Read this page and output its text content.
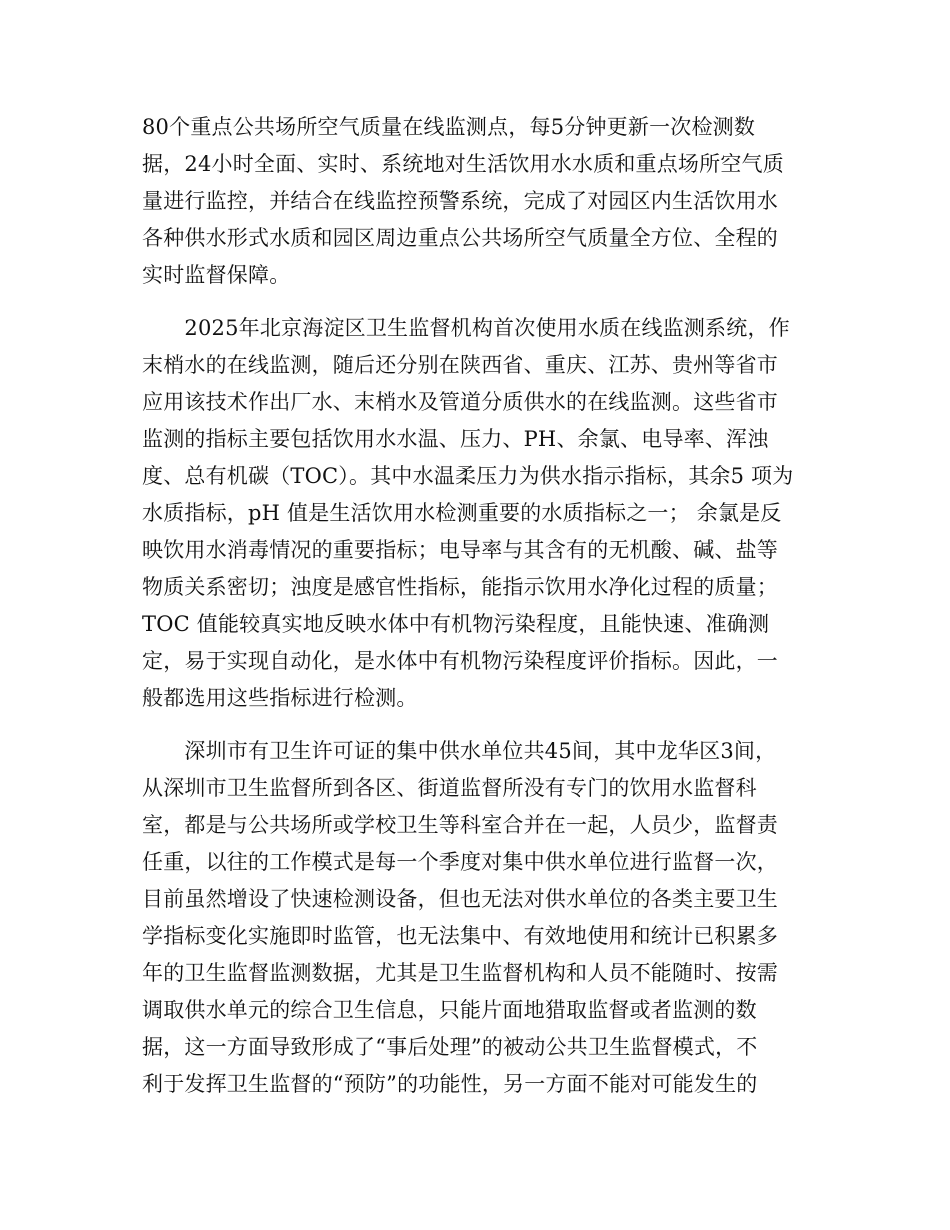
80个重点公共场所空气质量在线监测点，每5分钟更新一次检测数
据，24小时全面、实时、系统地对生活饮用水水质和重点场所空气质
量进行监控，并结合在线监控预警系统，完成了对园区内生活饮用水
各种供水形式水质和园区周边重点公共场所空气质量全方位、全程的
实时监督保障。
　　2025年北京海淀区卫生监督机构首次使用水质在线监测系统，作
末梢水的在线监测，随后还分别在陕西省、重庆、江苏、贵州等省市
应用该技术作出厂水、末梢水及管道分质供水的在线监测。这些省市
监测的指标主要包括饮用水水温、压力、PH、余氯、电导率、浑浊
度、总有机碳（TOC）。其中水温柔压力为供水指示指标，其余5 项为
水质指标，pH 值是生活饮用水检测重要的水质指标之一； 余氯是反
映饮用水消毒情况的重要指标；电导率与其含有的无机酸、碱、盐等
物质关系密切；浊度是感官性指标，能指示饮用水净化过程的质量；
TOC 值能较真实地反映水体中有机物污染程度，且能快速、准确测
定，易于实现自动化，是水体中有机物污染程度评价指标。因此，一
般都选用这些指标进行检测。
　　深圳市有卫生许可证的集中供水单位共45间，其中龙华区3间，
从深圳市卫生监督所到各区、街道监督所没有专门的饮用水监督科
室，都是与公共场所或学校卫生等科室合并在一起，人员少，监督责
任重，以往的工作模式是每一个季度对集中供水单位进行监督一次，
目前虽然增设了快速检测设备，但也无法对供水单位的各类主要卫生
学指标变化实施即时监管，也无法集中、有效地使用和统计已积累多
年的卫生监督监测数据，尤其是卫生监督机构和人员不能随时、按需
调取供水单元的综合卫生信息，只能片面地猎取监督或者监测的数
据，这一方面导致形成了“事后处理”的被动公共卫生监督模式，不
利于发挥卫生监督的“预防”的功能性，另一方面不能对可能发生的
